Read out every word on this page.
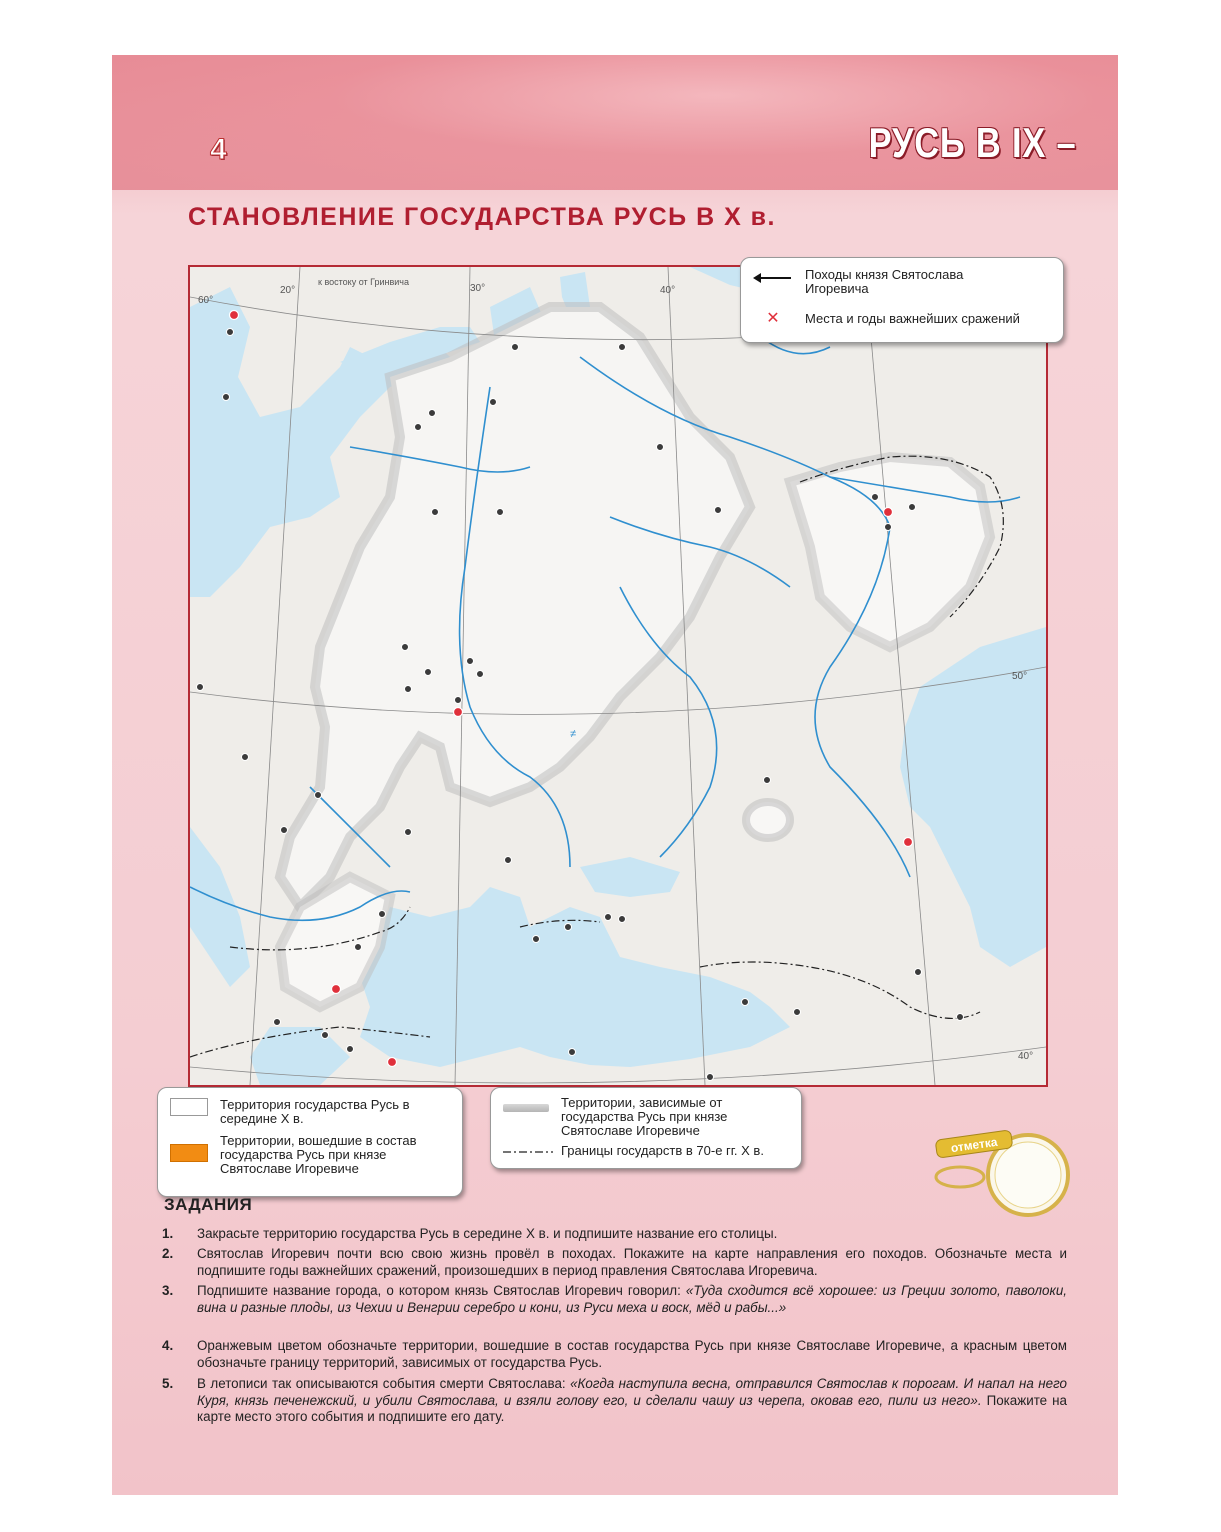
4	РУСЬ В IX –
СТАНОВЛЕНИЕ ГОСУДАРСТВА РУСЬ В X в.
60°
20°	30°	40°
50°
40°
к востоку от Гринвича
≠
Походы князя Святослава Игоревича
✕	Места и годы важнейших сражений
Территория государства Русь в середине X в.
Территории, вошедшие в состав государства Русь при князе Святославе Игоревиче
Территории, зависимые от государства Русь при князе Святославе Игоревиче
Границы государств в 70-е гг. X в.	отметка
ЗАДАНИЯ
1.	Закрасьте территорию государства Русь в середине X в. и подпишите название его столицы.
2.	Святослав Игоревич почти всю свою жизнь провёл в походах. Покажите на карте направления его походов. Обозначьте места и подпишите годы важнейших сражений, произошедших в период правления Святослава Игоревича.
3.	Подпишите название города, о котором князь Святослав Игоревич говорил: «Туда сходится всё хорошее: из Греции золото, паволоки, вина и разные плоды, из Чехии и Венгрии серебро и кони, из Руси меха и воск, мёд и рабы...»
4.	Оранжевым цветом обозначьте территории, вошедшие в состав государства Русь при князе Святославе Игоревиче, а красным цветом обозначьте границу территорий, зависимых от государства Русь.
5.	В летописи так описываются события смерти Святослава: «Когда наступила весна, отправился Святослав к порогам. И напал на него Куря, князь печенежский, и убили Святослава, и взяли голову его, и сделали чашу из черепа, оковав его, пили из него». Покажите на карте место этого события и подпишите его дату.
